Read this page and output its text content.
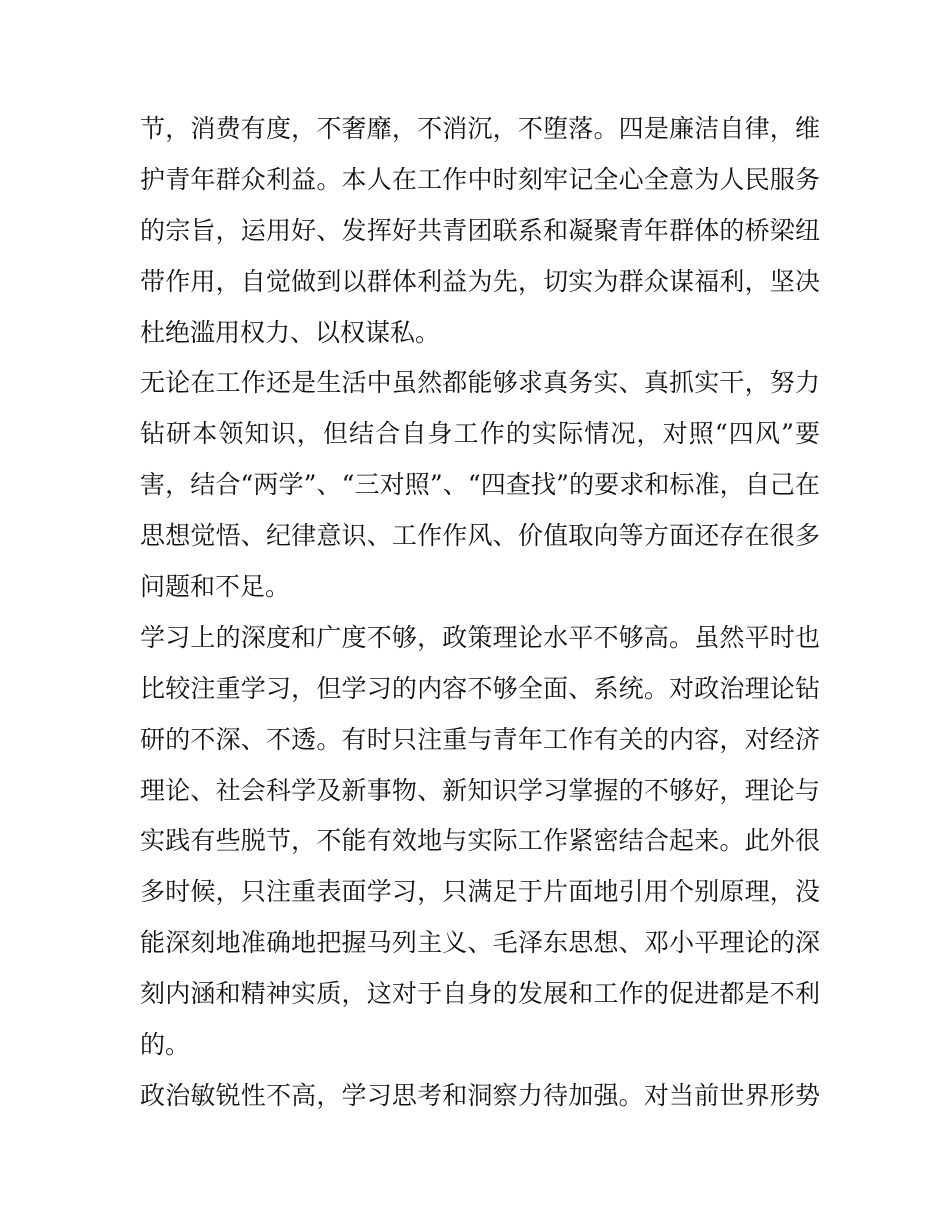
节，消费有度，不奢靡，不消沉，不堕落。四是廉洁自律，维
护青年群众利益。本人在工作中时刻牢记全心全意为人民服务
的宗旨，运用好、发挥好共青团联系和凝聚青年群体的桥梁纽
带作用，自觉做到以群体利益为先，切实为群众谋福利，坚决
杜绝滥用权力、以权谋私。
无论在工作还是生活中虽然都能够求真务实、真抓实干，努力
钻研本领知识，但结合自身工作的实际情况，对照“四风”要
害，结合“两学”、“三对照”、“四查找”的要求和标准，自己在
思想觉悟、纪律意识、工作作风、价值取向等方面还存在很多
问题和不足。
学习上的深度和广度不够，政策理论水平不够高。虽然平时也
比较注重学习，但学习的内容不够全面、系统。对政治理论钻
研的不深、不透。有时只注重与青年工作有关的内容，对经济
理论、社会科学及新事物、新知识学习掌握的不够好，理论与
实践有些脱节，不能有效地与实际工作紧密结合起来。此外很
多时候，只注重表面学习，只满足于片面地引用个别原理，没
能深刻地准确地把握马列主义、毛泽东思想、邓小平理论的深
刻内涵和精神实质，这对于自身的发展和工作的促进都是不利
的。
政治敏锐性不高，学习思考和洞察力待加强。对当前世界形势
